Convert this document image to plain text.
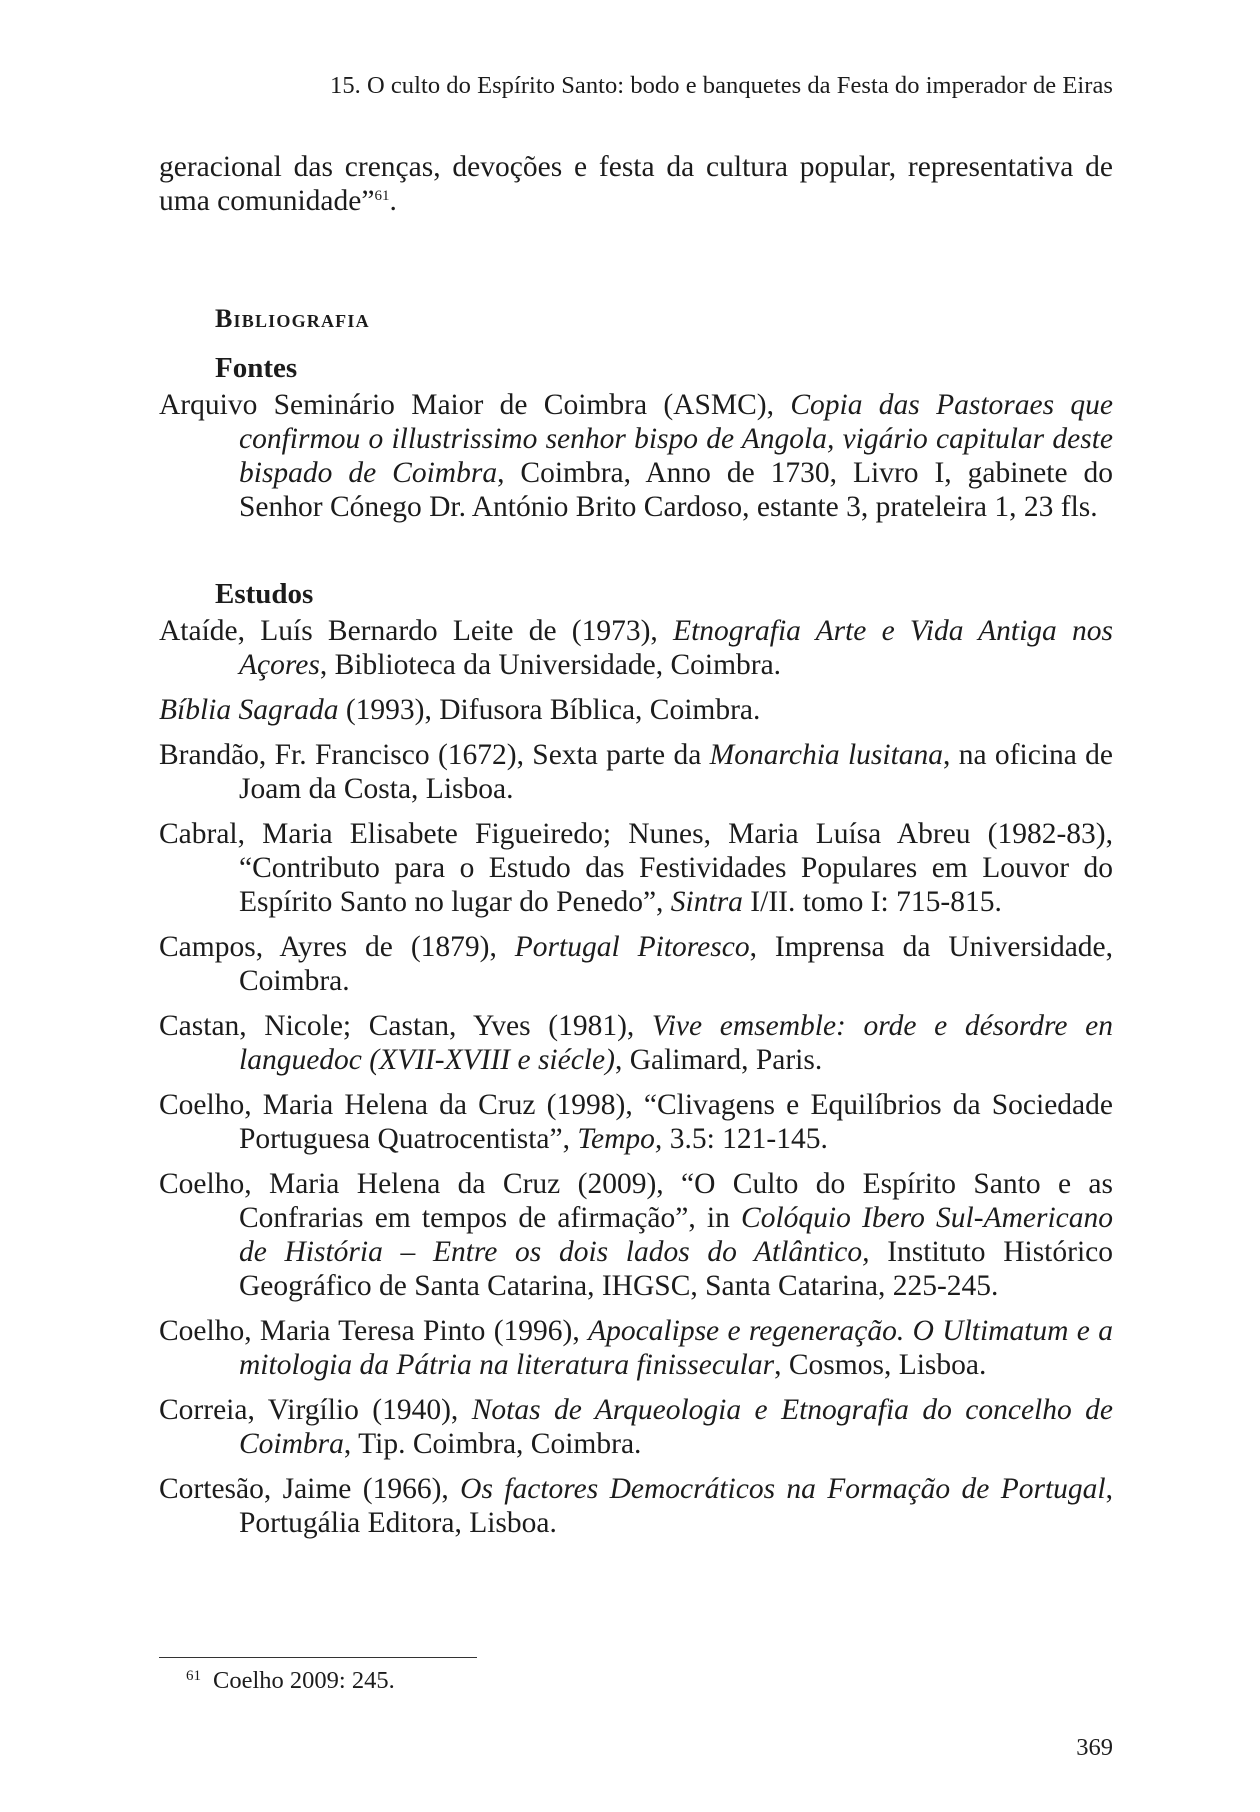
15. O culto do Espírito Santo: bodo e banquetes da Festa do imperador de Eiras

geracional das crenças, devoções e festa da cultura popular, representativa de uma comunidade”$^{61}$.

Bibliografia
Fontes
Arquivo Seminário Maior de Coimbra (ASMC), Copia das Pastoraes que confirmou o illustrissimo senhor bispo de Angola, vigário capitular deste bispado de Coimbra, Coimbra, Anno de 1730, Livro I, gabinete do Senhor Cónego Dr. António Brito Cardoso, estante 3, prateleira 1, 23 fls.
Estudos
Ataíde, Luís Bernardo Leite de (1973), Etnografia Arte e Vida Antiga nos Açores, Biblioteca da Universidade, Coimbra.
Bíblia Sagrada (1993), Difusora Bíblica, Coimbra.
Brandão, Fr. Francisco (1672), Sexta parte da Monarchia lusitana, na oficina de Joam da Costa, Lisboa.
Cabral, Maria Elisabete Figueiredo; Nunes, Maria Luísa Abreu (1982-83), “Contributo para o Estudo das Festividades Populares em Louvor do Espírito Santo no lugar do Penedo”, Sintra I/II. tomo I: 715-815.
Campos, Ayres de (1879), Portugal Pitoresco, Imprensa da Universidade, Coimbra.
Castan, Nicole; Castan, Yves (1981), Vive emsemble: orde e désordre en languedoc (XVII-XVIII e siécle), Galimard, Paris.
Coelho, Maria Helena da Cruz (1998), “Clivagens e Equilíbrios da Sociedade Portuguesa Quatrocentista”, Tempo, 3.5: 121-145.
Coelho, Maria Helena da Cruz (2009), “O Culto do Espírito Santo e as Confrarias em tempos de afirmação”, in Colóquio Ibero Sul-Americano de História – Entre os dois lados do Atlântico, Instituto Histórico Geográfico de Santa Catarina, IHGSC, Santa Catarina, 225-245.
Coelho, Maria Teresa Pinto (1996), Apocalipse e regeneração. O Ultimatum e a mitologia da Pátria na literatura finissecular, Cosmos, Lisboa.
Correia, Virgílio (1940), Notas de Arqueologia e Etnografia do concelho de Coimbra, Tip. Coimbra, Coimbra.
Cortesão, Jaime (1966), Os factores Democráticos na Formação de Portugal, Portugália Editora, Lisboa.
$^{61}$ Coelho 2009: 245.
369
